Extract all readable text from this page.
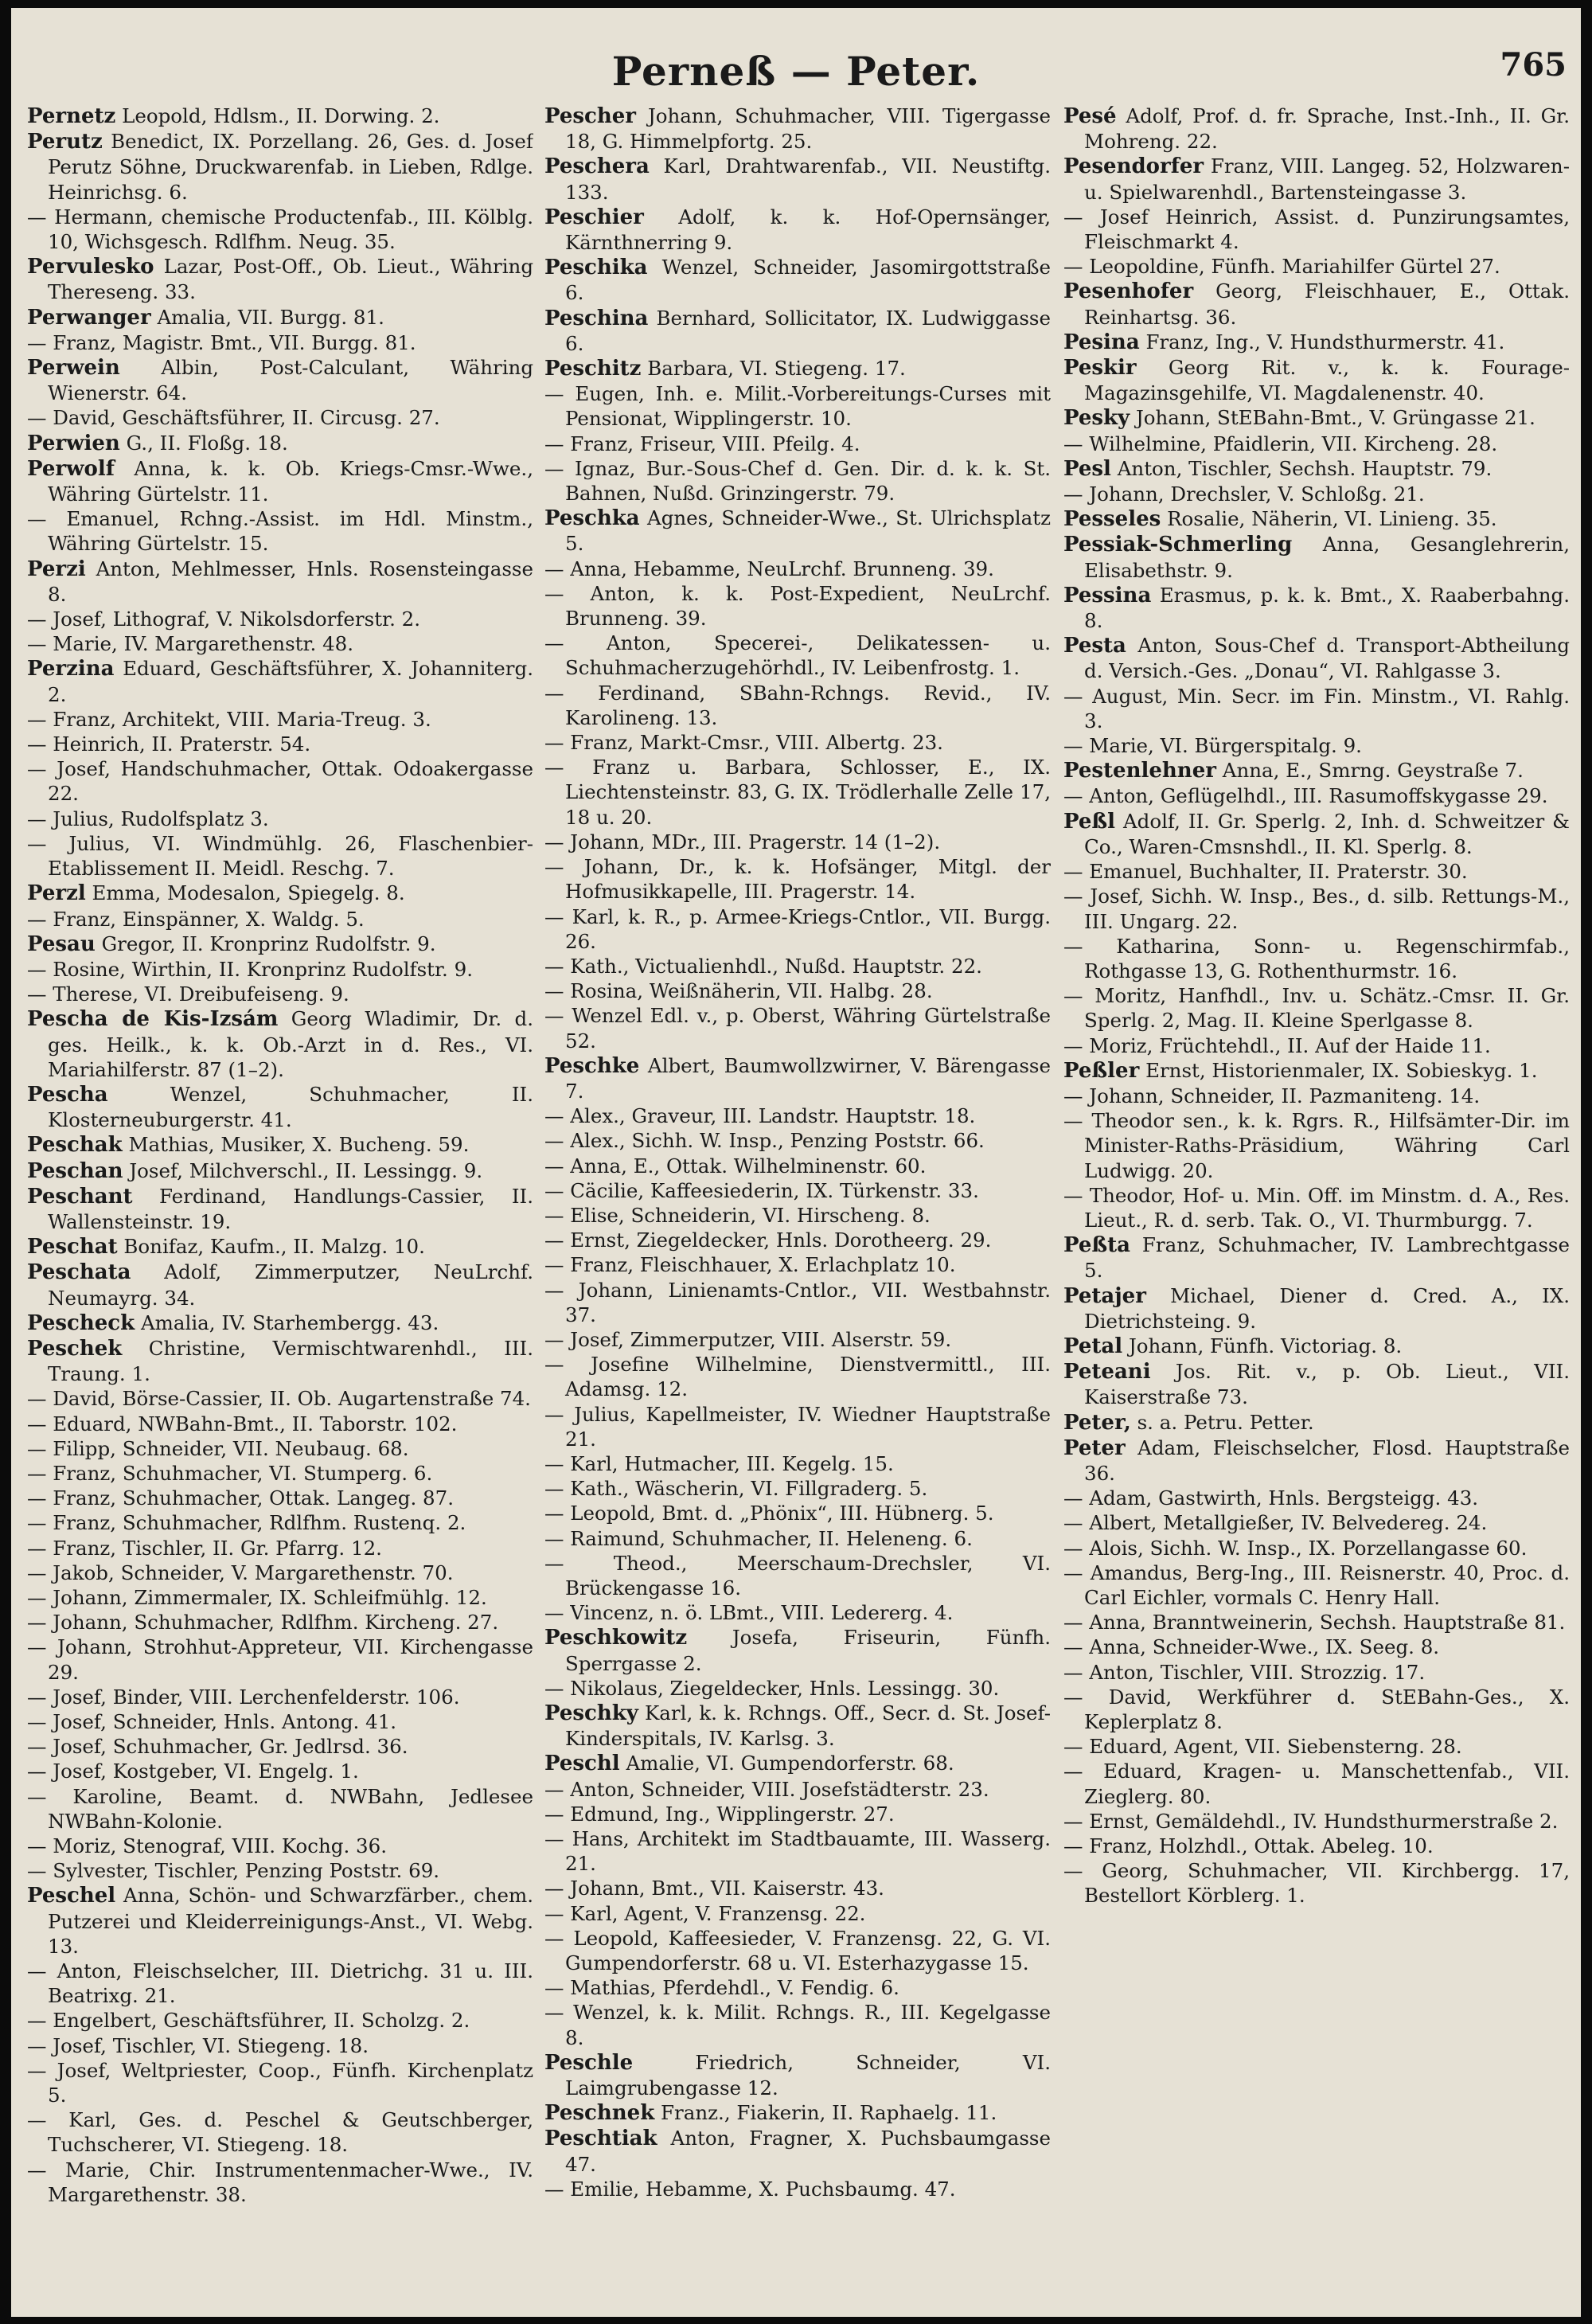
Perneß — Peter.	765
Pernetz Leopold, Hdlsm., II. Dorwing. 2.
Perutz Benedict, IX. Porzellang. 26, Ges. d. Josef Perutz Söhne, Druckwarenfab. in Lieben, Rdlge. Heinrichsg. 6.
— Hermann, chemische Productenfab., III. Kölblg. 10, Wichsgesch. Rdlfhm. Neug. 35.
Pervulesko Lazar, Post-Off., Ob. Lieut., Währing Thereseng. 33.
Perwanger Amalia, VII. Burgg. 81.
— Franz, Magistr. Bmt., VII. Burgg. 81.
Perwein Albin, Post-Calculant, Währing Wienerstr. 64.
— David, Geschäftsführer, II. Circusg. 27.
Perwien G., II. Floßg. 18.
Perwolf Anna, k. k. Ob. Kriegs-Cmsr.-Wwe., Währing Gürtelstr. 11.
— Emanuel, Rchng.-Assist. im Hdl. Minstm., Währing Gürtelstr. 15.
Perzi Anton, Mehlmesser, Hnls. Rosensteingasse 8.
— Josef, Lithograf, V. Nikolsdorferstr. 2.
— Marie, IV. Margarethenstr. 48.
Perzina Eduard, Geschäftsführer, X. Johanniterg. 2.
— Franz, Architekt, VIII. Maria-Treug. 3.
— Heinrich, II. Praterstr. 54.
— Josef, Handschuhmacher, Ottak. Odoakergasse 22.
— Julius, Rudolfsplatz 3.
— Julius, VI. Windmühlg. 26, Flaschenbier-Etablissement II. Meidl. Reschg. 7.
Perzl Emma, Modesalon, Spiegelg. 8.
— Franz, Einspänner, X. Waldg. 5.
Pesau Gregor, II. Kronprinz Rudolfstr. 9.
— Rosine, Wirthin, II. Kronprinz Rudolfstr. 9.
— Therese, VI. Dreibufeiseng. 9.
Pescha de Kis-Izsám Georg Wladimir, Dr. d. ges. Heilk., k. k. Ob.-Arzt in d. Res., VI. Mariahilferstr. 87 (1–2).
Pescha	Wenzel, Schuhmacher, II. Klosterneuburgerstr. 41.
Peschak Mathias, Musiker, X. Bucheng. 59.
Peschan Josef, Milchverschl., II. Lessingg. 9.
Peschant Ferdinand, Handlungs-Cassier, II. Wallensteinstr. 19.
Peschat Bonifaz, Kaufm., II. Malzg. 10.
Peschata Adolf, Zimmerputzer, NeuLrchf. Neumayrg. 34.
Pescheck Amalia, IV. Starhembergg. 43.
Peschek Christine, Vermischtwarenhdl., III. Traung. 1.
— David, Börse-Cassier, II. Ob. Augartenstraße 74.
— Eduard, NWBahn-Bmt., II. Taborstr. 102.
— Filipp, Schneider, VII. Neubaug. 68.
— Franz, Schuhmacher, VI. Stumperg. 6.
— Franz, Schuhmacher, Ottak. Langeg. 87.
— Franz, Schuhmacher, Rdlfhm. Rustenq. 2.
— Franz, Tischler, II. Gr. Pfarrg. 12.
— Jakob, Schneider, V. Margarethenstr. 70.
— Johann, Zimmermaler, IX. Schleifmühlg. 12.
— Johann, Schuhmacher, Rdlfhm. Kircheng. 27.
— Johann, Strohhut-Appreteur, VII. Kirchengasse 29.
— Josef, Binder, VIII. Lerchenfelderstr. 106.
— Josef, Schneider, Hnls. Antong. 41.
— Josef, Schuhmacher, Gr. Jedlrsd. 36.
— Josef, Kostgeber, VI. Engelg. 1.
— Karoline, Beamt. d. NWBahn, Jedlesee NWBahn-Kolonie.
— Moriz, Stenograf, VIII. Kochg. 36.
— Sylvester, Tischler, Penzing Poststr. 69.
Peschel Anna, Schön- und Schwarzfärber., chem. Putzerei und Kleiderreinigungs-Anst., VI. Webg. 13.
— Anton, Fleischselcher, III. Dietrichg. 31 u. III. Beatrixg. 21.
— Engelbert, Geschäftsführer, II. Scholzg. 2.
— Josef, Tischler, VI. Stiegeng. 18.
— Josef, Weltpriester, Coop., Fünfh. Kirchenplatz 5.
— Karl, Ges. d. Peschel & Geutschberger, Tuchscherer, VI. Stiegeng. 18.
— Marie, Chir. Instrumentenmacher-Wwe., IV. Margarethenstr. 38.
Pescher Johann, Schuhmacher, VIII. Tigergasse 18, G. Himmelpfortg. 25.
Peschera Karl, Drahtwarenfab., VII. Neustiftg. 133.
Peschier Adolf, k. k. Hof-Opernsänger, Kärnthnerring 9.
Peschika Wenzel, Schneider, Jasomirgottstraße 6.
Peschina Bernhard, Sollicitator, IX. Ludwiggasse 6.
Peschitz Barbara, VI. Stiegeng. 17.
— Eugen, Inh. e. Milit.-Vorbereitungs-Curses mit Pensionat, Wipplingerstr. 10.
— Franz, Friseur, VIII. Pfeilg. 4.
— Ignaz, Bur.-Sous-Chef d. Gen. Dir. d. k. k. St. Bahnen, Nußd. Grinzingerstr. 79.
Peschka Agnes, Schneider-Wwe., St. Ulrichsplatz 5.
— Anna, Hebamme, NeuLrchf. Brunneng. 39.
— Anton, k. k. Post-Expedient, NeuLrchf. Brunneng. 39.
— Anton, Specerei-, Delikatessen- u. Schuhmacherzugehörhdl., IV. Leibenfrostg. 1.
— Ferdinand, SBahn-Rchngs. Revid., IV. Karolineng. 13.
— Franz, Markt-Cmsr., VIII. Albertg. 23.
— Franz u. Barbara, Schlosser, E., IX. Liechtensteinstr. 83, G. IX. Trödlerhalle Zelle 17, 18 u. 20.
— Johann, MDr., III. Pragerstr. 14 (1–2).
— Johann, Dr., k. k. Hofsänger, Mitgl. der Hofmusikkapelle, III. Pragerstr. 14.
— Karl, k. R., p. Armee-Kriegs-Cntlor., VII. Burgg. 26.
— Kath., Victualienhdl., Nußd. Hauptstr. 22.
— Rosina, Weißnäherin, VII. Halbg. 28.
— Wenzel Edl. v., p. Oberst, Währing Gürtelstraße 52.
Peschke Albert, Baumwollzwirner, V. Bärengasse 7.
— Alex., Graveur, III. Landstr. Hauptstr. 18.
— Alex., Sichh. W. Insp., Penzing Poststr. 66.
— Anna, E., Ottak. Wilhelminenstr. 60.
— Cäcilie, Kaffeesiederin, IX. Türkenstr. 33.
— Elise, Schneiderin, VI. Hirscheng. 8.
— Ernst, Ziegeldecker, Hnls. Dorotheerg. 29.
— Franz, Fleischhauer, X. Erlachplatz 10.
— Johann, Linienamts-Cntlor., VII. Westbahnstr. 37.
— Josef, Zimmerputzer, VIII. Alserstr. 59.
— Josefine Wilhelmine, Dienstvermittl., III. Adamsg. 12.
— Julius, Kapellmeister, IV. Wiedner Hauptstraße 21.
— Karl, Hutmacher, III. Kegelg. 15.
— Kath., Wäscherin, VI. Fillgraderg. 5.
— Leopold, Bmt. d. „Phönix“, III. Hübnerg. 5.
— Raimund, Schuhmacher, II. Heleneng. 6.
— Theod., Meerschaum-Drechsler, VI. Brückengasse 16.
— Vincenz, n. ö. LBmt., VIII. Ledererg. 4.
Peschkowitz Josefa, Friseurin, Fünfh. Sperrgasse 2.
— Nikolaus, Ziegeldecker, Hnls. Lessingg. 30.
Peschky Karl, k. k. Rchngs. Off., Secr. d. St. Josef-Kinderspitals, IV. Karlsg. 3.
Peschl Amalie, VI. Gumpendorferstr. 68.
— Anton, Schneider, VIII. Josefstädterstr. 23.
— Edmund, Ing., Wipplingerstr. 27.
— Hans, Architekt im Stadtbauamte, III. Wasserg. 21.
— Johann, Bmt., VII. Kaiserstr. 43.
— Karl, Agent, V. Franzensg. 22.
— Leopold, Kaffeesieder, V. Franzensg. 22, G. VI. Gumpendorferstr. 68 u. VI. Esterhazygasse 15.
— Mathias, Pferdehdl., V. Fendig. 6.
— Wenzel, k. k. Milit. Rchngs. R., III. Kegelgasse 8.
Peschle	Friedrich, Schneider, VI. Laimgrubengasse 12.
Peschnek Franz., Fiakerin, II. Raphaelg. 11.
Peschtiak Anton, Fragner, X. Puchsbaumgasse 47.
— Emilie, Hebamme, X. Puchsbaumg. 47.
Pesé Adolf, Prof. d. fr. Sprache, Inst.-Inh., II. Gr. Mohreng. 22.
Pesendorfer Franz, VIII. Langeg. 52, Holzwaren- u. Spielwarenhdl., Bartensteingasse 3.
— Josef Heinrich, Assist. d. Punzirungsamtes, Fleischmarkt 4.
— Leopoldine, Fünfh. Mariahilfer Gürtel 27.
Pesenhofer Georg, Fleischhauer, E., Ottak. Reinhartsg. 36.
Pesina Franz, Ing., V. Hundsthurmerstr. 41.
Peskir Georg Rit. v., k. k. Fourage-Magazinsgehilfe, VI. Magdalenenstr. 40.
Pesky Johann, StEBahn-Bmt., V. Grüngasse 21.
— Wilhelmine, Pfaidlerin, VII. Kircheng. 28.
Pesl Anton, Tischler, Sechsh. Hauptstr. 79.
— Johann, Drechsler, V. Schloßg. 21.
Pesseles Rosalie, Näherin, VI. Linieng. 35.
Pessiak-Schmerling Anna, Gesanglehrerin, Elisabethstr. 9.
Pessina Erasmus, p. k. k. Bmt., X. Raaberbahng. 8.
Pesta Anton, Sous-Chef d. Transport-Abtheilung d. Versich.-Ges. „Donau“, VI. Rahlgasse 3.
— August, Min. Secr. im Fin. Minstm., VI. Rahlg. 3.
— Marie, VI. Bürgerspitalg. 9.
Pestenlehner Anna, E., Smrng. Geystraße 7.
— Anton, Geflügelhdl., III. Rasumoffskygasse 29.
Peßl Adolf, II. Gr. Sperlg. 2, Inh. d. Schweitzer & Co., Waren-Cmsnshdl., II. Kl. Sperlg. 8.
— Emanuel, Buchhalter, II. Praterstr. 30.
— Josef, Sichh. W. Insp., Bes., d. silb. Rettungs-M., III. Ungarg. 22.
— Katharina, Sonn- u. Regenschirmfab., Rothgasse 13, G. Rothenthurmstr. 16.
— Moritz, Hanfhdl., Inv. u. Schätz.-Cmsr. II. Gr. Sperlg. 2, Mag. II. Kleine Sperlgasse 8.
— Moriz, Früchtehdl., II. Auf der Haide 11.
Peßler Ernst, Historienmaler, IX. Sobieskyg. 1.
— Johann, Schneider, II. Pazmaniteng. 14.
— Theodor sen., k. k. Rgrs. R., Hilfsämter-Dir. im Minister-Raths-Präsidium, Währing Carl Ludwigg. 20.
— Theodor, Hof- u. Min. Off. im Minstm. d. A., Res. Lieut., R. d. serb. Tak. O., VI. Thurmburgg. 7.
Peßta Franz, Schuhmacher, IV. Lambrechtgasse 5.
Petajer Michael, Diener d. Cred. A., IX. Dietrichsteing. 9.
Petal Johann, Fünfh. Victoriag. 8.
Peteani Jos. Rit. v., p. Ob. Lieut., VII. Kaiserstraße 73.
Peter, s. a. Petru. Petter.
Peter Adam, Fleischselcher, Flosd. Hauptstraße 36.
— Adam, Gastwirth, Hnls. Bergsteigg. 43.
— Albert, Metallgießer, IV. Belvedereg. 24.
— Alois, Sichh. W. Insp., IX. Porzellangasse 60.
— Amandus, Berg-Ing., III. Reisnerstr. 40, Proc. d. Carl Eichler, vormals C. Henry Hall.
— Anna, Branntweinerin, Sechsh. Hauptstraße 81.
— Anna, Schneider-Wwe., IX. Seeg. 8.
— Anton, Tischler, VIII. Strozzig. 17.
— David, Werkführer d. StEBahn-Ges., X. Keplerplatz 8.
— Eduard, Agent, VII. Siebensterng. 28.
— Eduard, Kragen- u. Manschettenfab., VII. Zieglerg. 80.
— Ernst, Gemäldehdl., IV. Hundsthurmerstraße 2.
— Franz, Holzhdl., Ottak. Abeleg. 10.
— Georg, Schuhmacher, VII. Kirchbergg. 17, Bestellort Körblerg. 1.
